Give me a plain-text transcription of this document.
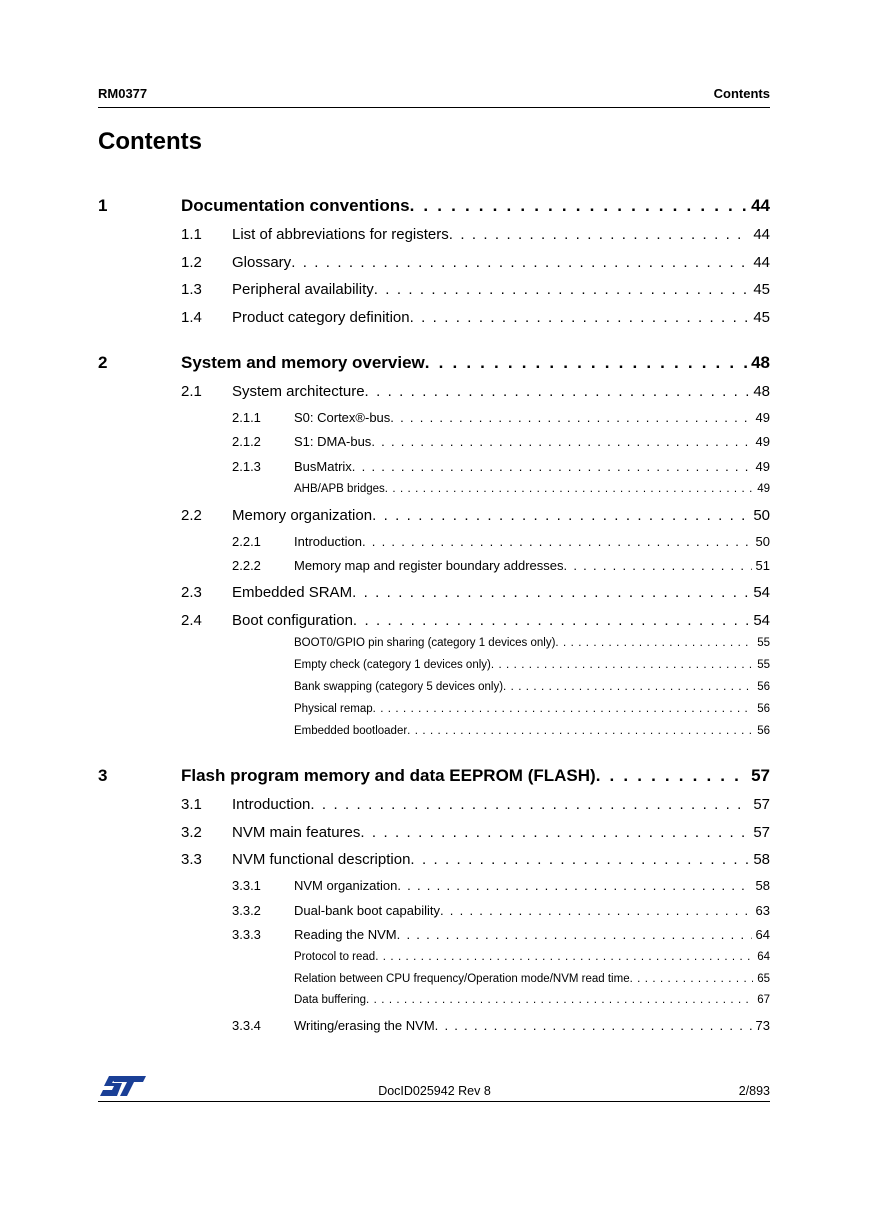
RM0377	Contents
Contents
1	Documentation conventions . . .	44
1.1 List of abbreviations for registers . . .	44
1.2 Glossary . . .	44
1.3 Peripheral availability . . .	45
1.4 Product category definition . . .	45
2	System and memory overview . . .	48
2.1 System architecture . . .	48
2.1.1	S0: Cortex®-bus . . .	49
2.1.2	S1: DMA-bus . . .	49
2.1.3	BusMatrix . . .	49
AHB/APB bridges . . .	49
2.2 Memory organization . . .	50
2.2.1	Introduction . . .	50
2.2.2	Memory map and register boundary addresses . . .	51
2.3 Embedded SRAM . . .	54
2.4 Boot configuration . . .	54
BOOT0/GPIO pin sharing (category 1 devices only) . . .	55
Empty check (category 1 devices only) . . .	55
Bank swapping (category 5 devices only) . . .	56
Physical remap . . .	56
Embedded bootloader . . .	56
3	Flash program memory and data EEPROM (FLASH) . . .	57
3.1 Introduction . . .	57
3.2 NVM main features . . .	57
3.3 NVM functional description . . .	58
3.3.1	NVM organization . . .	58
3.3.2	Dual-bank boot capability . . .	63
3.3.3	Reading the NVM . . .	64
Protocol to read . . .	64
Relation between CPU frequency/Operation mode/NVM read time . . .	65
Data buffering . . .	67
3.3.4	Writing/erasing the NVM . . .	73
DocID025942 Rev 8	2/893
